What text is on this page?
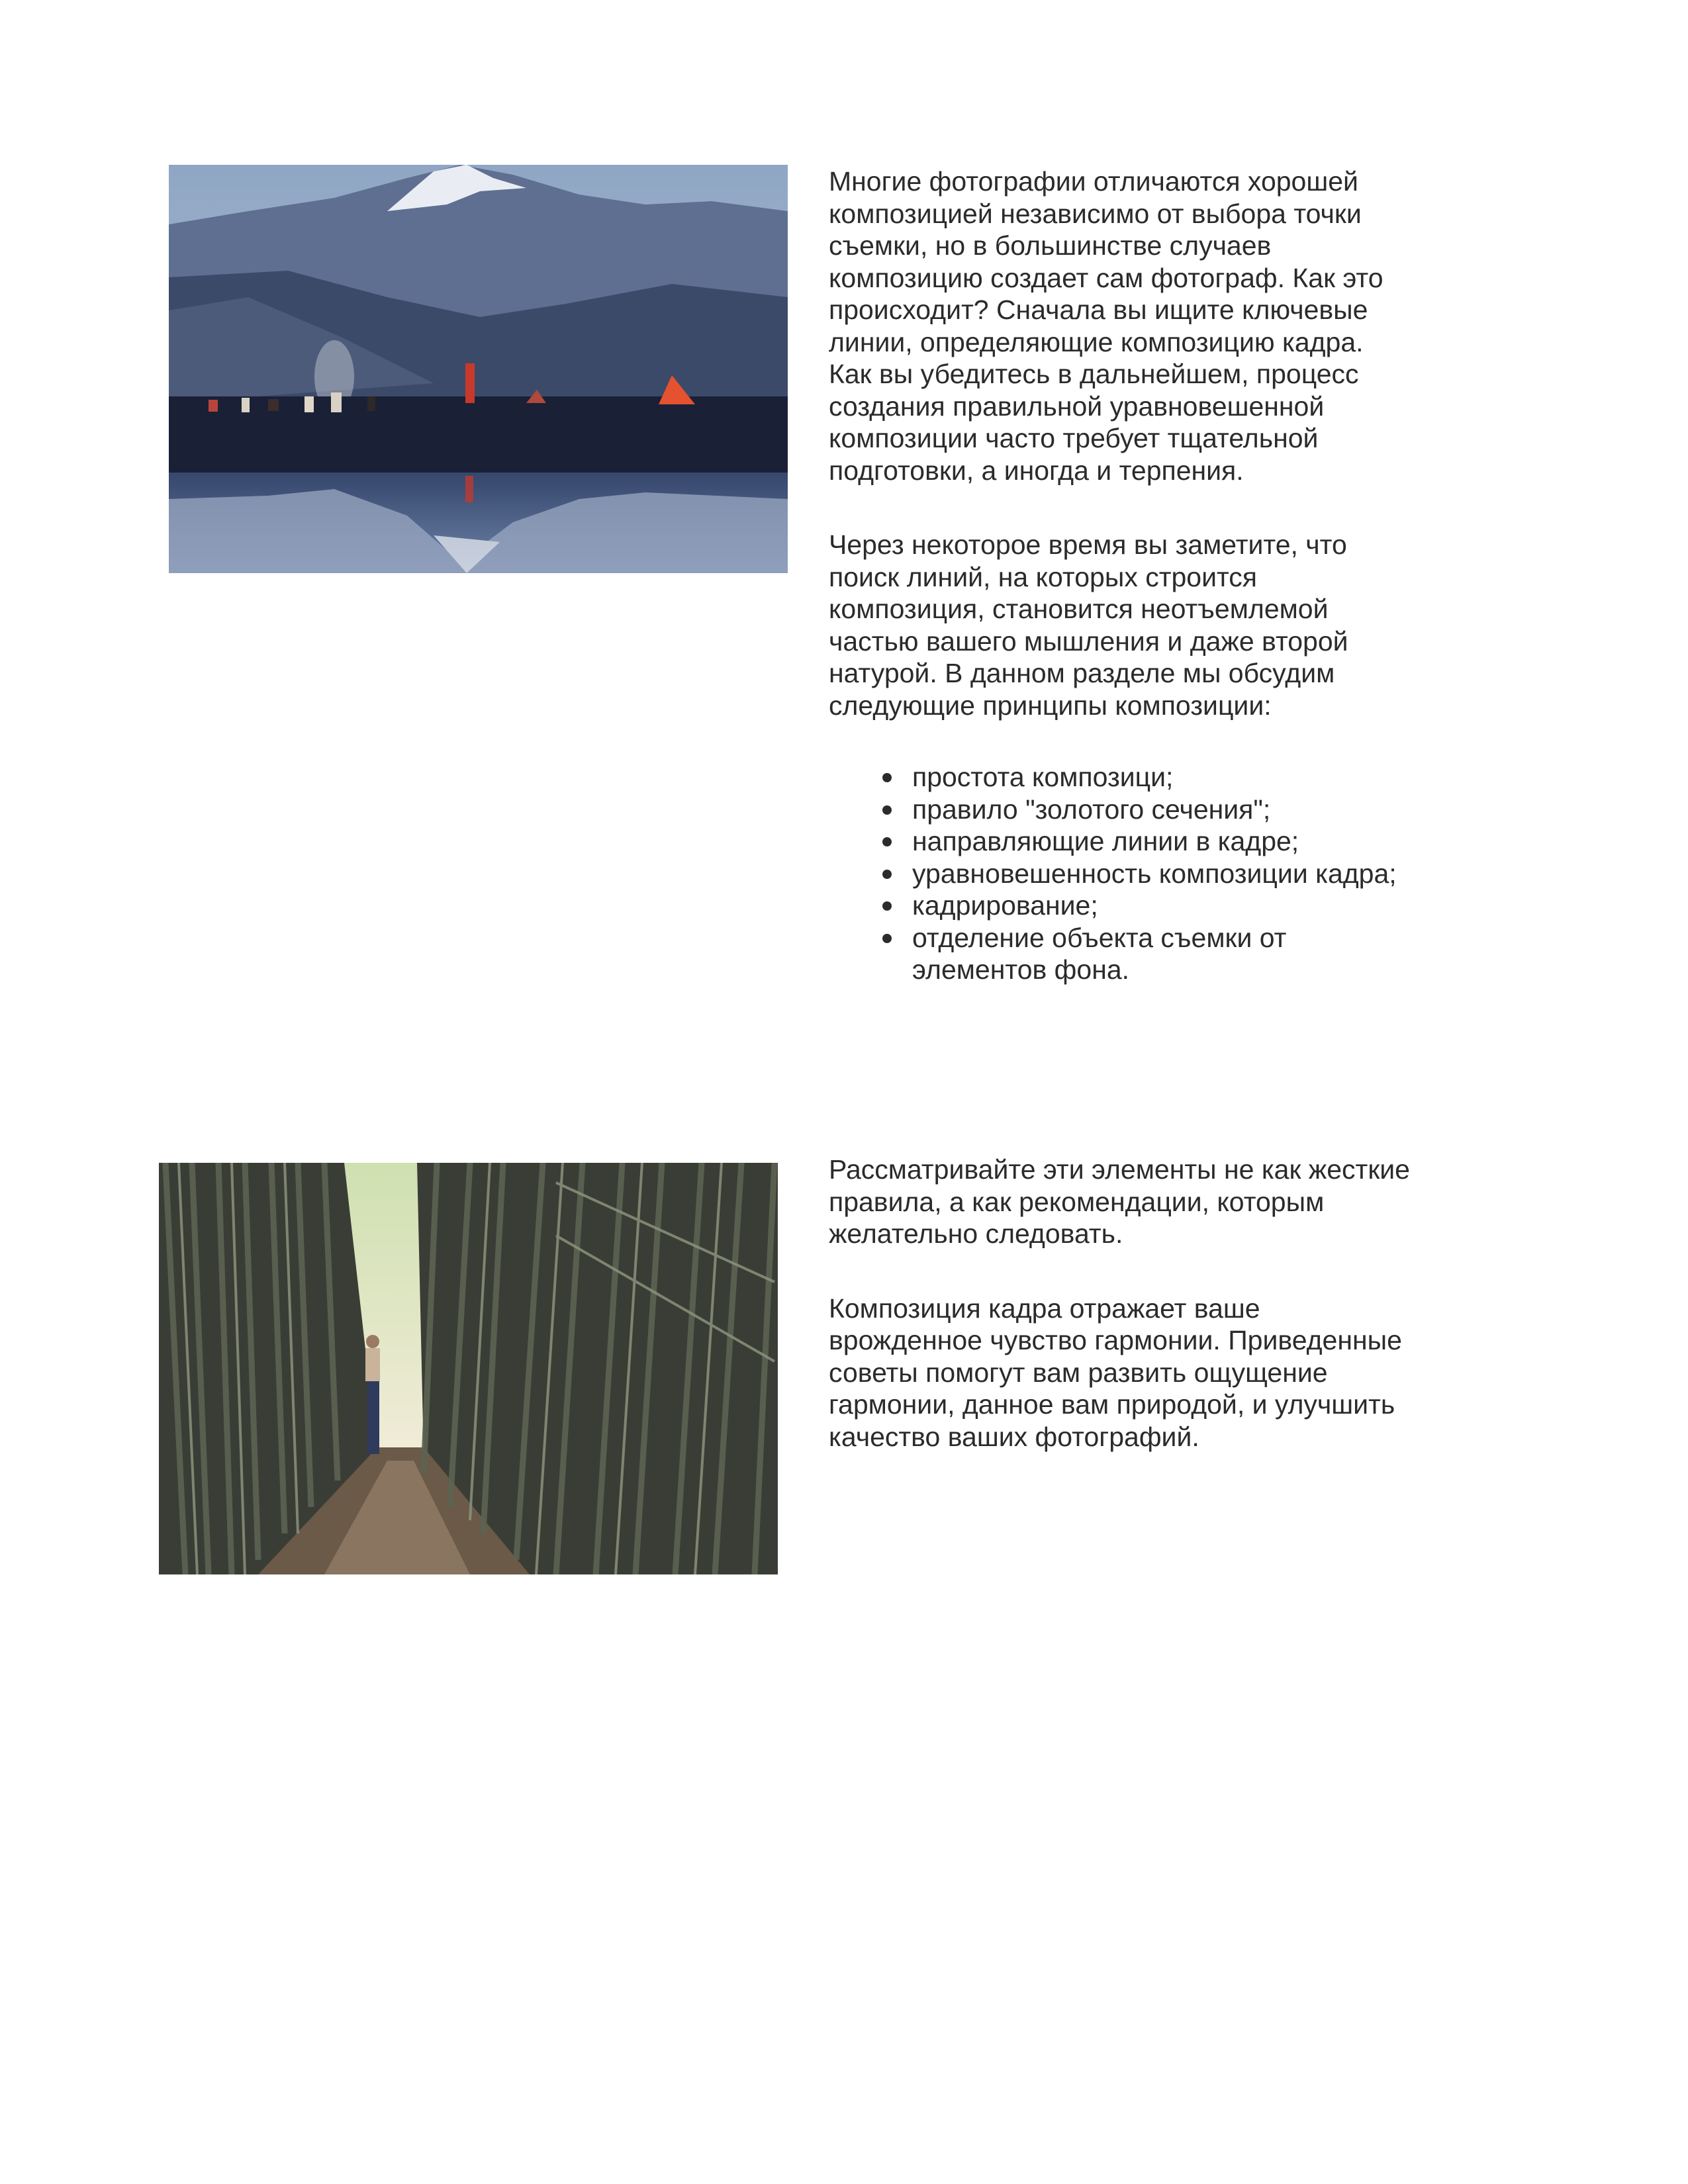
Многие фотографии отличаются хорошей композицией независимо от выбора точки съемки, но в большинстве случаев композицию создает сам фотограф. Как это происходит? Сначала вы ищите ключевые линии, определяющие композицию кадра. Как вы убедитесь в дальнейшем, процесс создания правильной уравновешенной композиции часто требует тщательной подготовки, а иногда и терпения.

Через некоторое время вы заметите, что поиск линий, на которых строится композиция, становится неотъемлемой частью вашего мышления и даже второй натурой. В данном разделе мы обсудим следующие принципы композиции:

простота композици;
правило "золотого сечения";
направляющие линии в кадре;
уравновешенность композиции кадра;
кадрирование;
отделение объекта съемки от элементов фона.

Рассматривайте эти элементы не как жесткие правила, а как рекомендации, которым желательно следовать.

Композиция кадра отражает ваше врожденное чувство гармонии. Приведенные советы помогут вам развить ощущение гармонии, данное вам природой, и улучшить качество ваших фотографий.
